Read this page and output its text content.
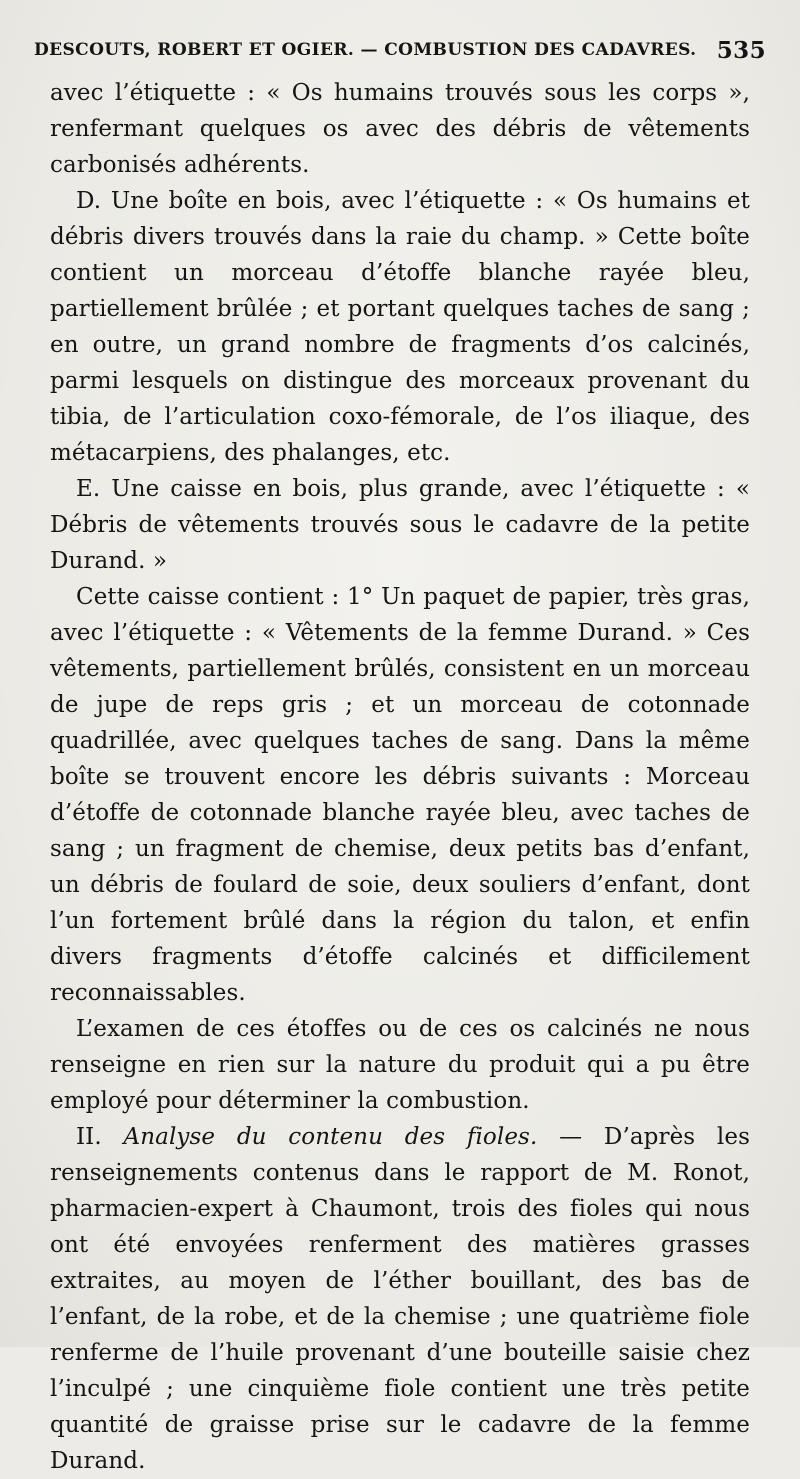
DESCOUTS, ROBERT ET OGIER. — COMBUSTION DES CADAVRES. 535

avec l’étiquette : « Os humains trouvés sous les corps », renfermant quelques os avec des débris de vêtements carbonisés adhérents.

D. Une boîte en bois, avec l’étiquette : « Os humains et débris divers trouvés dans la raie du champ. » Cette boîte contient un morceau d’étoffe blanche rayée bleu, partiellement brûlée ; et portant quelques taches de sang ; en outre, un grand nombre de fragments d’os calcinés, parmi lesquels on distingue des morceaux provenant du tibia, de l’articulation coxo-fémorale, de l’os iliaque, des métacarpiens, des phalanges, etc.

E. Une caisse en bois, plus grande, avec l’étiquette : « Débris de vêtements trouvés sous le cadavre de la petite Durand. »

Cette caisse contient : 1° Un paquet de papier, très gras, avec l’étiquette : « Vêtements de la femme Durand. » Ces vêtements, partiellement brûlés, consistent en un morceau de jupe de reps gris ; et un morceau de cotonnade quadrillée, avec quelques taches de sang. Dans la même boîte se trouvent encore les débris suivants : Morceau d’étoffe de cotonnade blanche rayée bleu, avec taches de sang ; un fragment de chemise, deux petits bas d’enfant, un débris de foulard de soie, deux souliers d’enfant, dont l’un fortement brûlé dans la région du talon, et enfin divers fragments d’étoffe calcinés et difficilement reconnaissables.

L’examen de ces étoffes ou de ces os calcinés ne nous renseigne en rien sur la nature du produit qui a pu être employé pour déterminer la combustion.

II. Analyse du contenu des fioles. — D’après les renseignements contenus dans le rapport de M. Ronot, pharmacien-expert à Chaumont, trois des fioles qui nous ont été envoyées renferment des matières grasses extraites, au moyen de l’éther bouillant, des bas de l’enfant, de la robe, et de la chemise ; une quatrième fiole renferme de l’huile provenant d’une bouteille saisie chez l’inculpé ; une cinquième fiole contient une très petite quantité de graisse prise sur le cadavre de la femme Durand.
